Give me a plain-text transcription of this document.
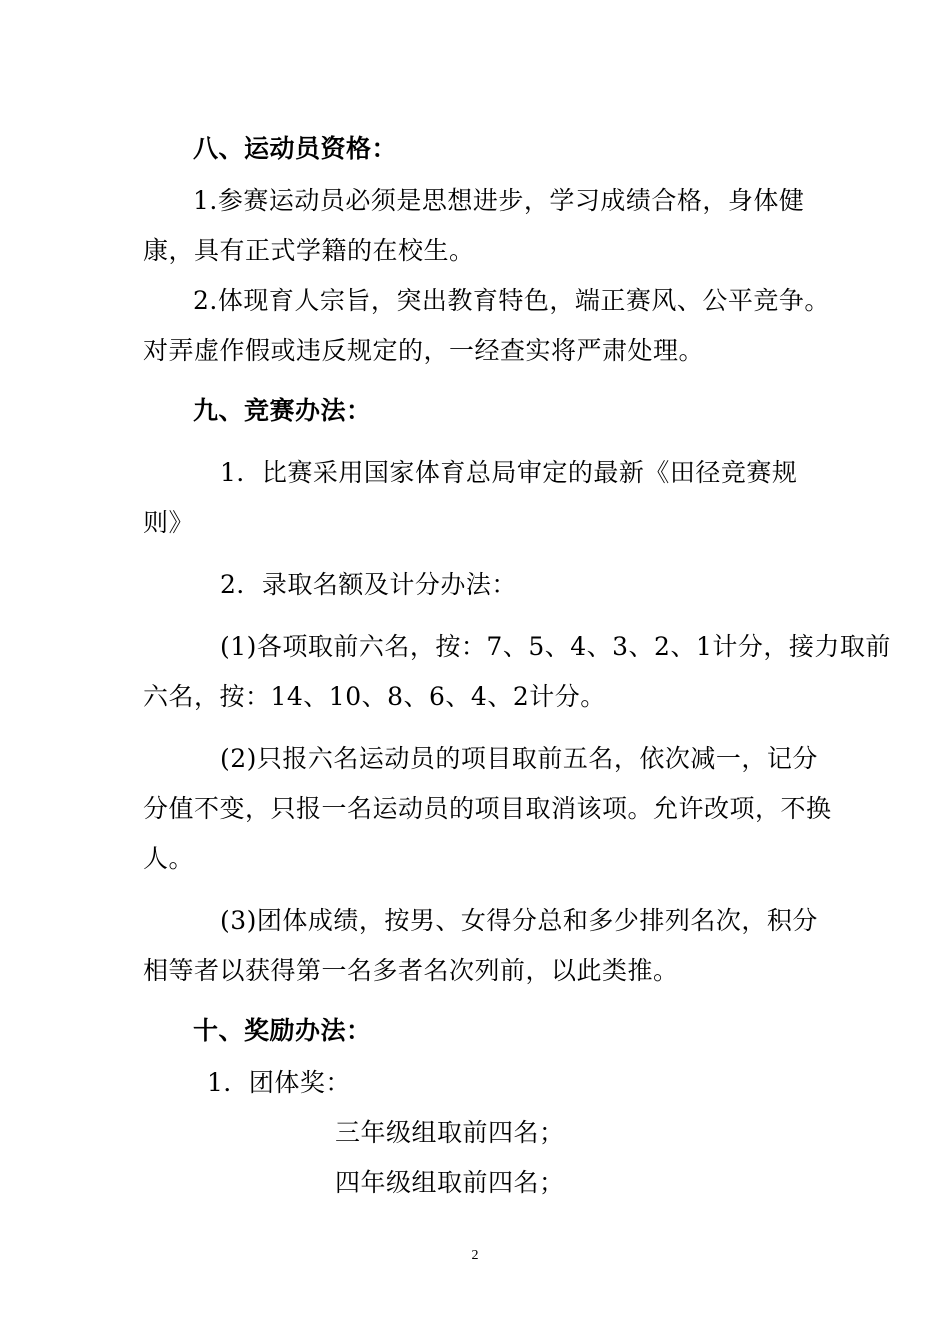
八、运动员资格：
1.参赛运动员必须是思想进步，学习成绩合格，身体健
康，具有正式学籍的在校生。
2.体现育人宗旨，突出教育特色，端正赛风、公平竞争。
对弄虚作假或违反规定的，一经查实将严肃处理。
九、竞赛办法：
1．比赛采用国家体育总局审定的最新《田径竞赛规
则》
2．录取名额及计分办法：
(1)各项取前六名，按：7、5、4、3、2、1计分，接力取前
六名，按：14、10、8、6、4、2计分。
(2)只报六名运动员的项目取前五名，依次减一，记分
分值不变，只报一名运动员的项目取消该项。允许改项，不换
人。
(3)团体成绩，按男、女得分总和多少排列名次，积分
相等者以获得第一名多者名次列前，以此类推。
十、奖励办法：
1．团体奖：
三年级组取前四名；
四年级组取前四名；
2
